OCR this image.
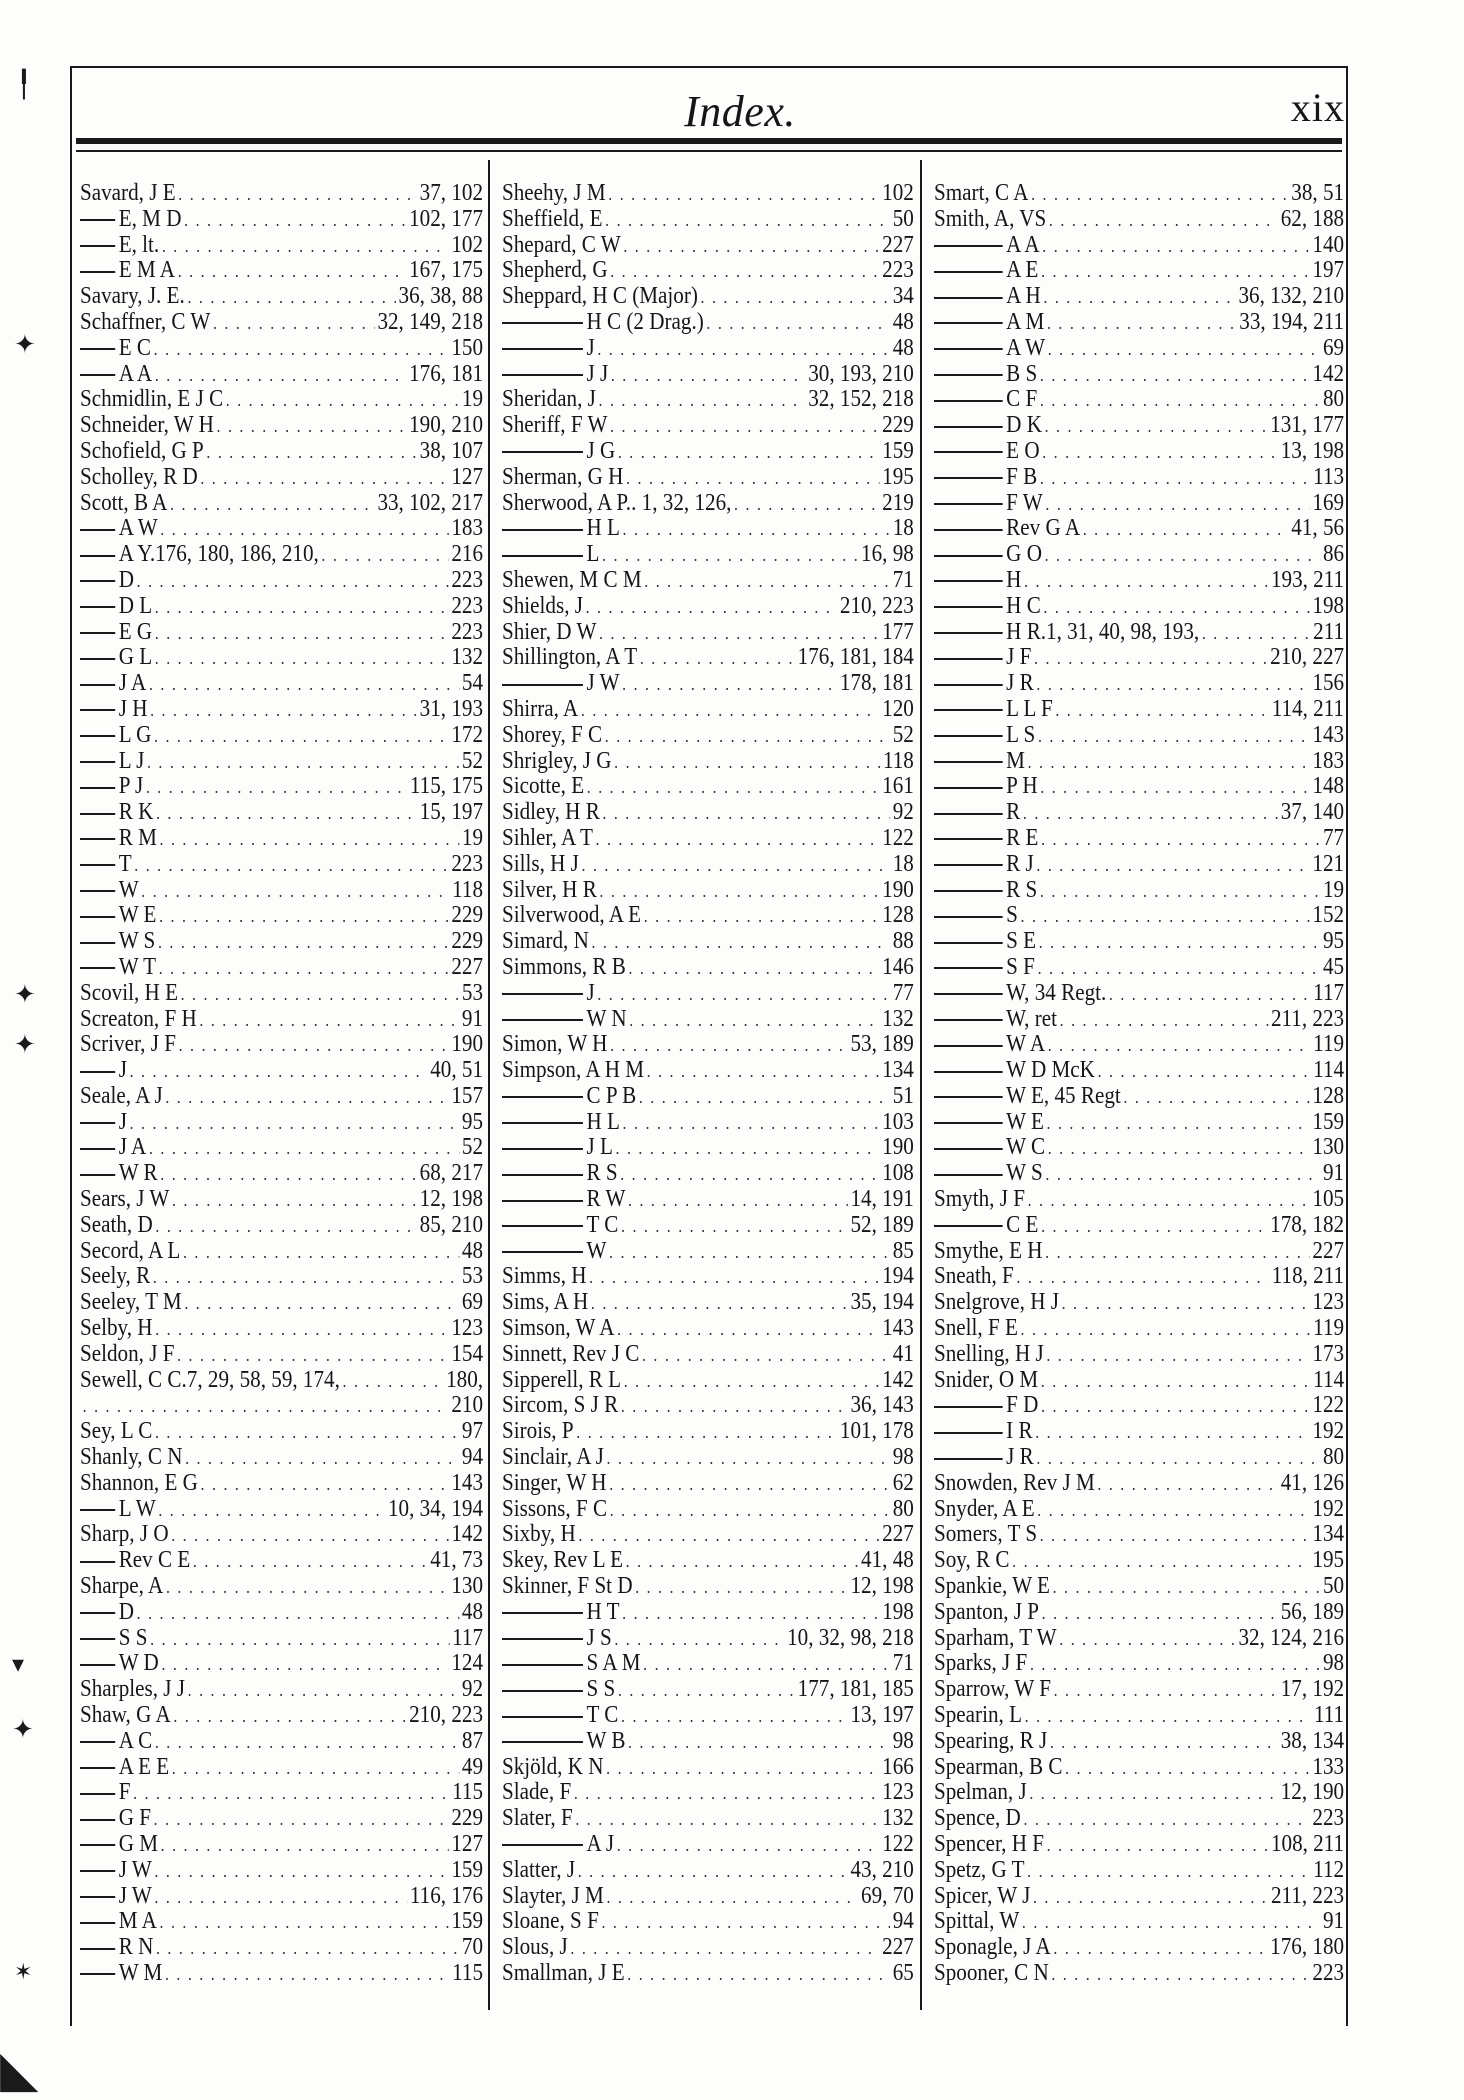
Index.	xix
Savard, J E . . .	37, 102
E, M D . . .	102, 177
E, lt. . . .	102
E M A . . .	167, 175
Savary, J. E. . . .	36, 38, 88
Schaffner, C W . . .	32, 149, 218
E C . . .	150
A A . . .	176, 181
Schmidlin, E J C . . .	19
Schneider, W H . . .	190, 210
Schofield, G P . . .	38, 107
Scholley, R D . . .	127
Scott, B A . . .	33, 102, 217
A W . . .	183
A Y.176, 180, 186, 210, . . .	216
D . . .	223
D L . . .	223
E G . . .	223
G L . . .	132
J A . . .	54
J H . . .	31, 193
L G . . .	172
L J . . .	52
P J . . .	115, 175
R K . . .	15, 197
R M . . .	19
T . . .	223
W . . .	118
W E . . .	229
W S . . .	229
W T . . .	227
Scovil, H E . . .	53
Screaton, F H . . .	91
Scriver, J F . . .	190
J . . .	40, 51
Seale, A J . . .	157
J . . .	95
J A . . .	52
W R . . .	68, 217
Sears, J W . . .	12, 198
Seath, D . . .	85, 210
Secord, A L . . .	48
Seely, R . . .	53
Seeley, T M . . .	69
Selby, H . . .	123
Seldon, J F . . .	154
Sewell, C C.7, 29, 58, 59, 174, . . .	180,
. . .
210
Sey, L C . . .	97
Shanly, C N . . .	94
Shannon, E G . . .	143
L W . . .	10, 34, 194
Sharp, J O . . .	142
Rev C E . . .	41, 73
Sharpe, A . . .	130
D . . .	48
S S . . .	117
W D . . .	124
Sharples, J J . . .	92
Shaw, G A . . .	210, 223
A C . . .	87
A E E . . .	49
F . . .	115
G F . . .	229
G M . . .	127
J W . . .	159
J W . . .	116, 176
M A . . .	159
R N . . .	70
W M . . .	115
Sheehy, J M . . .	102
Sheffield, E . . .	50
Shepard, C W . . .	227
Shepherd, G . . .	223
Sheppard, H C (Major) . . .	34
H C (2 Drag.) . . .	48
J . . .	48
J J . . .	30, 193, 210
Sheridan, J . . .	32, 152, 218
Sheriff, F W . . .	229
J G . . .	159
Sherman, G H . . .	195
Sherwood, A P.. 1, 32, 126, . . .	219
H L . . .	18
L . . .	16, 98
Shewen, M C M . . .	71
Shields, J . . .	210, 223
Shier, D W . . .	177
Shillington, A T . . .	176, 181, 184
J W . . .	178, 181
Shirra, A . . .	120
Shorey, F C . . .	52
Shrigley, J G . . .	118
Sicotte, E . . .	161
Sidley, H R . . .	92
Sihler, A T . . .	122
Sills, H J . . .	18
Silver, H R . . .	190
Silverwood, A E . . .	128
Simard, N . . .	88
Simmons, R B . . .	146
J . . .	77
W N . . .	132
Simon, W H . . .	53, 189
Simpson, A H M . . .	134
C P B . . .	51
H L . . .	103
J L . . .	190
R S . . .	108
R W . . .	14, 191
T C . . .	52, 189
W . . .	85
Simms, H . . .	194
Sims, A H . . .	35, 194
Simson, W A . . .	143
Sinnett, Rev J C . . .	41
Sipperell, R L . . .	142
Sircom, S J R . . .	36, 143
Sirois, P . . .	101, 178
Sinclair, A J . . .	98
Singer, W H . . .	62
Sissons, F C . . .	80
Sixby, H . . .	227
Skey, Rev L E . . .	41, 48
Skinner, F St D . . .	12, 198
H T . . .	198
J S . . .	10, 32, 98, 218
S A M . . .	71
S S . . .	177, 181, 185
T C . . .	13, 197
W B . . .	98
Skjöld, K N . . .	166
Slade, F . . .	123
Slater, F . . .	132
A J . . .	122
Slatter, J . . .	43, 210
Slayter, J M . . .	69, 70
Sloane, S F . . .	94
Slous, J . . .	227
Smallman, J E . . .	65
Smart, C A . . .	38, 51
Smith, A, VS . . .	62, 188
A A . . .	140
A E . . .	197
A H . . .	36, 132, 210
A M . . .	33, 194, 211
A W . . .	69
B S . . .	142
C F . . .	80
D K . . .	131, 177
E O . . .	13, 198
F B . . .	113
F W . . .	169
Rev G A . . .	41, 56
G O . . .	86
H . . .	193, 211
H C . . .	198
H R.1, 31, 40, 98, 193, . . .	211
J F . . .	210, 227
J R . . .	156
L L F . . .	114, 211
L S . . .	143
M . . .	183
P H . . .	148
R . . .	37, 140
R E . . .	77
R J . . .	121
R S . . .	19
S . . .	152
S E . . .	95
S F . . .	45
W, 34 Regt. . . .	117
W, ret . . .	211, 223
W A . . .	119
W D McK . . .	114
W E, 45 Regt . . .	128
W E . . .	159
W C . . .	130
W S . . .	91
Smyth, J F . . .	105
C E . . .	178, 182
Smythe, E H . . .	227
Sneath, F . . .	118, 211
Snelgrove, H J . . .	123
Snell, F E . . .	119
Snelling, H J . . .	173
Snider, O M . . .	114
F D . . .	122
I R . . .	192
J R . . .	80
Snowden, Rev J M . . .	41, 126
Snyder, A E . . .	192
Somers, T S . . .	134
Soy, R C . . .	195
Spankie, W E . . .	50
Spanton, J P . . .	56, 189
Sparham, T W . . .	32, 124, 216
Sparks, J F . . .	98
Sparrow, W F . . .	17, 192
Spearin, L . . .	111
Spearing, R J . . .	38, 134
Spearman, B C . . .	133
Spelman, J . . .	12, 190
Spence, D . . .	223
Spencer, H F . . .	108, 211
Spetz, G T . . .	112
Spicer, W J . . .	211, 223
Spittal, W . . .	91
Sponagle, J A . . .	176, 180
Spooner, C N . . .	223
╿
✦
✦
✦
▾
✦
✶
◣
